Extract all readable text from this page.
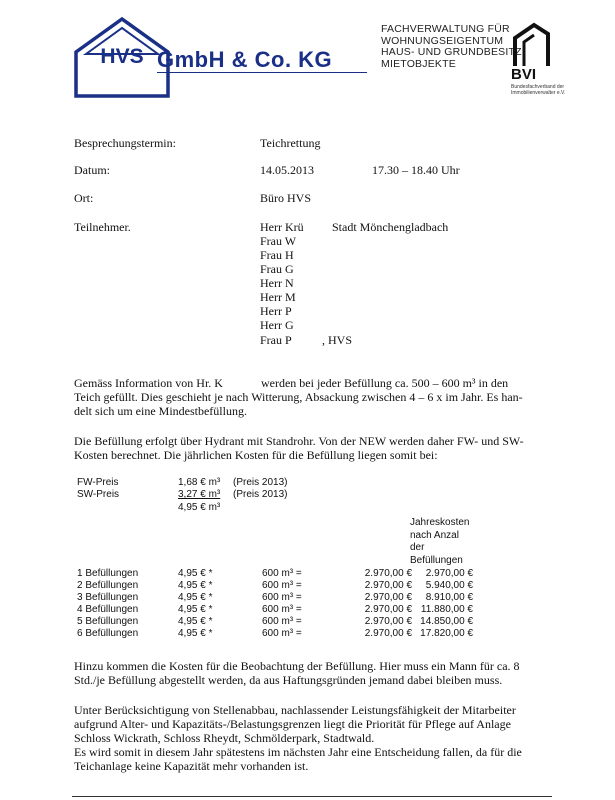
HVS GmbH & Co. KG
FACHVERWALTUNG FÜR
WOHNUNGSEIGENTUM
HAUS- UND GRUNDBESITZ
MIETOBJEKTE
BVI
Bundesfachverband der
Immobilienverwalter e.V.
Besprechungstermin:	Teichrettung
Datum:	14.05.2013	17.30 – 18.40 Uhr
Ort:	Büro HVS
Teilnehmer.	Herr Krü Stadt Mönchengladbach
Frau W
Frau H
Frau G
Herr N
Herr M
Herr P
Herr G
Frau P	, HVS
Gemäss Information von Hr. K	werden bei jeder Befüllung ca. 500 – 600 m³ in den
Teich gefüllt. Dies geschieht je nach Witterung, Absackung zwischen 4 – 6 x im Jahr. Es han-
delt sich um eine Mindestbefüllung.
Die Befüllung erfolgt über Hydrant mit Standrohr. Von der NEW werden daher FW- und SW-
Kosten berechnet. Die jährlichen Kosten für die Befüllung liegen somit bei:
FW-Preis	1,68 € m³ (Preis 2013)
SW-Preis	3,27 € m³ (Preis 2013)
4,95 € m³
Jahreskosten
nach Anzal
der
Befüllungen
1 Befüllungen	4,95 € *	600 m³ =	2.970,00 €	2.970,00 €
2 Befüllungen	4,95 € *	600 m³ =	2.970,00 €	5.940,00 €
3 Befüllungen	4,95 € *	600 m³ =	2.970,00 €	8.910,00 €
4 Befüllungen	4,95 € *	600 m³ =	2.970,00 € 11.880,00 €
5 Befüllungen	4,95 € *	600 m³ =	2.970,00 € 14.850,00 €
6 Befüllungen	4,95 € *	600 m³ =	2.970,00 € 17.820,00 €
Hinzu kommen die Kosten für die Beobachtung der Befüllung. Hier muss ein Mann für ca. 8
Std./je Befüllung abgestellt werden, da aus Haftungsgründen jemand dabei bleiben muss.
Unter Berücksichtigung von Stellenabbau, nachlassender Leistungsfähigkeit der Mitarbeiter
aufgrund Alter- und Kapazitäts-/Belastungsgrenzen liegt die Priorität für Pflege auf Anlage
Schloss Wickrath, Schloss Rheydt, Schmölderpark, Stadtwald.
Es wird somit in diesem Jahr spätestens im nächsten Jahr eine Entscheidung fallen, da für die
Teichanlage keine Kapazität mehr vorhanden ist.
